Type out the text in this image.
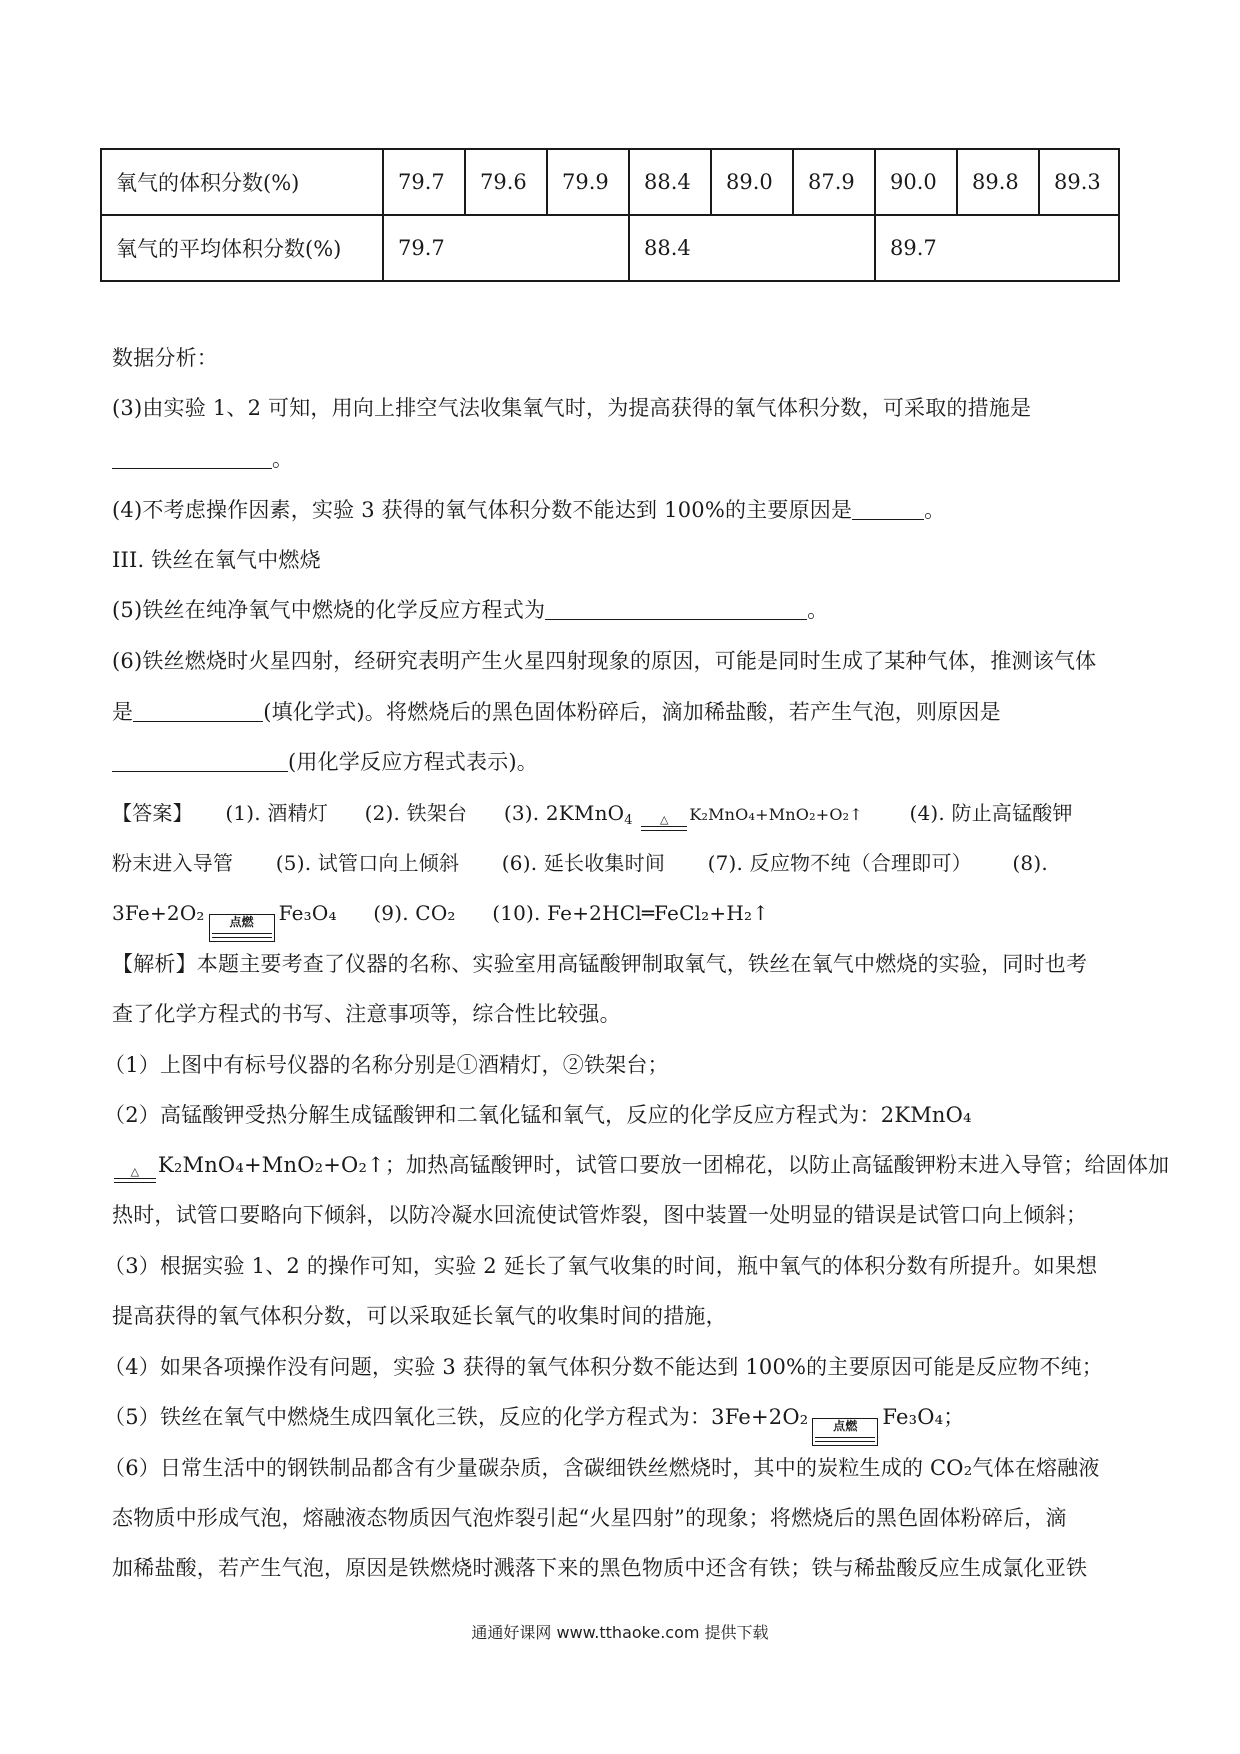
氧气的体积分数(%)	79.7	79.6	79.9	88.4	89.0	87.9	90.0	89.8	89.3
氧气的平均体积分数(%)	79.7			88.4			89.7		
数据分析：
(3)由实验 1、2 可知，用向上排空气法收集氧气时，为提高获得的氧气体积分数，可采取的措施是
。
(4)不考虑操作因素，实验 3 获得的氧气体积分数不能达到 100%的主要原因是	。
III. 铁丝在氧气中燃烧
(5)铁丝在纯净氧气中燃烧的化学反应方程式为	。
(6)铁丝燃烧时火星四射，经研究表明产生火星四射现象的原因，可能是同时生成了某种气体，推测该气体
是	(填化学式)。将燃烧后的黑色固体粉碎后，滴加稀盐酸，若产生气泡，则原因是
(用化学反应方程式表示)。
【答案】 (1). 酒精灯 (2). 铁架台 (3). 2KMnO$_4$	△	K₂MnO₄+MnO₂+O₂↑ (4). 防止高锰酸钾
粉末进入导管 (5). 试管口向上倾斜 (6). 延长收集时间 (7). 反应物不纯（合理即可） (8).
3Fe+2O₂	点燃	Fe₃O₄ (9). CO₂ (10). Fe+2HCl═FeCl₂+H₂↑
【解析】本题主要考查了仪器的名称、实验室用高锰酸钾制取氧气，铁丝在氧气中燃烧的实验，同时也考
查了化学方程式的书写、注意事项等，综合性比较强。
（1）上图中有标号仪器的名称分别是①酒精灯，②铁架台；
（2）高锰酸钾受热分解生成锰酸钾和二氧化锰和氧气，反应的化学反应方程式为：2KMnO₄
△ K₂MnO₄+MnO₂+O₂↑；加热高锰酸钾时，试管口要放一团棉花，以防止高锰酸钾粉末进入导管；给固体加
热时，试管口要略向下倾斜，以防冷凝水回流使试管炸裂，图中装置一处明显的错误是试管口向上倾斜；
（3）根据实验 1、2 的操作可知，实验 2 延长了氧气收集的时间，瓶中氧气的体积分数有所提升。如果想
提高获得的氧气体积分数，可以采取延长氧气的收集时间的措施，
（4）如果各项操作没有问题，实验 3 获得的氧气体积分数不能达到 100%的主要原因可能是反应物不纯；
（5）铁丝在氧气中燃烧生成四氧化三铁，反应的化学方程式为：3Fe+2O₂	点燃	Fe₃O₄；
（6）日常生活中的钢铁制品都含有少量碳杂质，含碳细铁丝燃烧时，其中的炭粒生成的 CO₂气体在熔融液
态物质中形成气泡，熔融液态物质因气泡炸裂引起“火星四射”的现象；将燃烧后的黑色固体粉碎后，滴
加稀盐酸，若产生气泡，原因是铁燃烧时溅落下来的黑色物质中还含有铁；铁与稀盐酸反应生成氯化亚铁
通通好课网 www.tthaoke.com 提供下载
